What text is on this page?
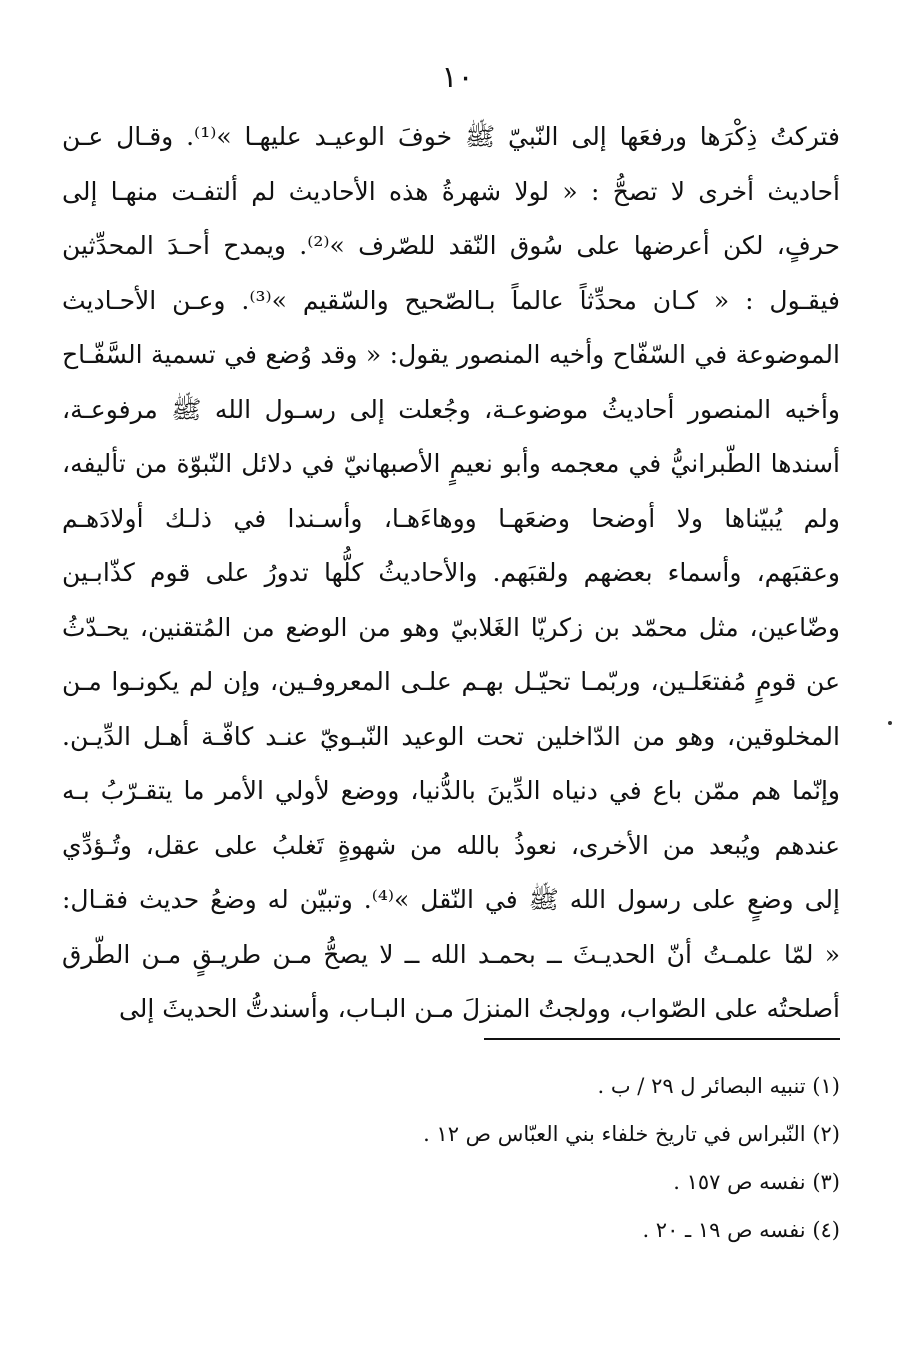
١٠
فتركتُ ذِكْرَها ورفعَها إلى النّبيّ ﷺ خوفَ الوعيـد عليهـا »⁽¹⁾. وقـال عـن
أحاديث أخرى لا تصحُّ : « لولا شهرةُ هذه الأحاديث لم ألتفـت منهـا إلى
حرفٍ، لكن أعرضها على سُوق النّقد للصّرف »⁽²⁾. ويمدح أحـدَ المحدِّثين
فيقـول : « كـان محدِّثاً عالماً بـالصّحيح والسّقيم »⁽³⁾. وعـن الأحـاديث
الموضوعة في السّفّاح وأخيه المنصور يقول: « وقد وُضع في تسمية السَّفّـاح
وأخيه المنصور أحاديثُ موضوعـة، وجُعلت إلى رسـول الله ﷺ مرفوعـة،
أسندها الطّبرانيُّ في معجمه وأبو نعيمٍ الأصبهانيّ في دلائل النّبوّة من تأليفه،
ولم يُبيّناها ولا أوضحا وضعَهـا ووهاءَهـا، وأسـندا في ذلـك أولادَهـم
وعقبَهم، وأسماء بعضهم ولقبَهم. والأحاديثُ كلُّها تدورُ على قوم كذّابـين
وضّاعين، مثل محمّد بن زكريّا الغَلابيّ وهو من الوضع من المُتقنين، يحـدّثُ
عن قومٍ مُفتعَلـين، وربّمـا تحيّـل بهـم علـى المعروفـين، وإن لم يكونـوا مـن
المخلوقين، وهو من الدّاخلين تحت الوعيد النّبـويّ عنـد كافّـة أهـل الدِّيـن.
وإنّما هم ممّن باع في دنياه الدِّينَ بالدُّنيا، ووضع لأولي الأمر ما يتقـرّبُ بـه
عندهم ويُبعد من الأخرى، نعوذُ بالله من شهوةٍ تَغلبُ على عقل، وتُـؤدِّي
إلى وضعٍ على رسول الله ﷺ في النّقل »⁽⁴⁾. وتبيّن له وضعُ حديث فقـال:
« لمّا علمـتُ أنّ الحديـثَ ــ بحمـد الله ــ لا يصحُّ مـن طريـقٍ مـن الطّرق
أصلحتُه على الصّواب، وولجتُ المنزلَ مـن البـاب، وأسندتُّ الحديثَ إلى
(١) تنبيه البصائر ل ٢٩ / ب .
(٢) النّبراس في تاريخ خلفاء بني العبّاس ص ١٢ .
(٣) نفسه ص ١٥٧ .
(٤) نفسه ص ١٩ ـ ٢٠ .
